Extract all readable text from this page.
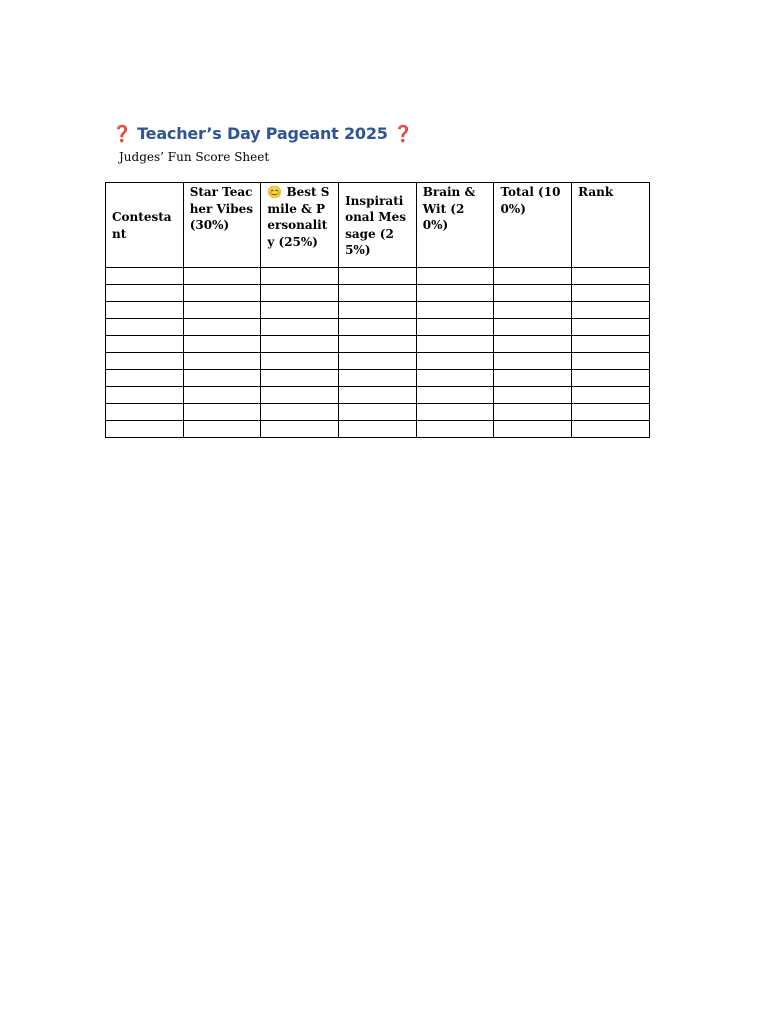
❓ Teacher’s Day Pageant 2025 ❓

Judges’ Fun Score Sheet

Contestant	Star Teacher Vibes (30%)	😊 Best Smile & Personality (25%)	Inspirational Message (25%)	Brain & Wit (20%)	Total (100%)	Rank
